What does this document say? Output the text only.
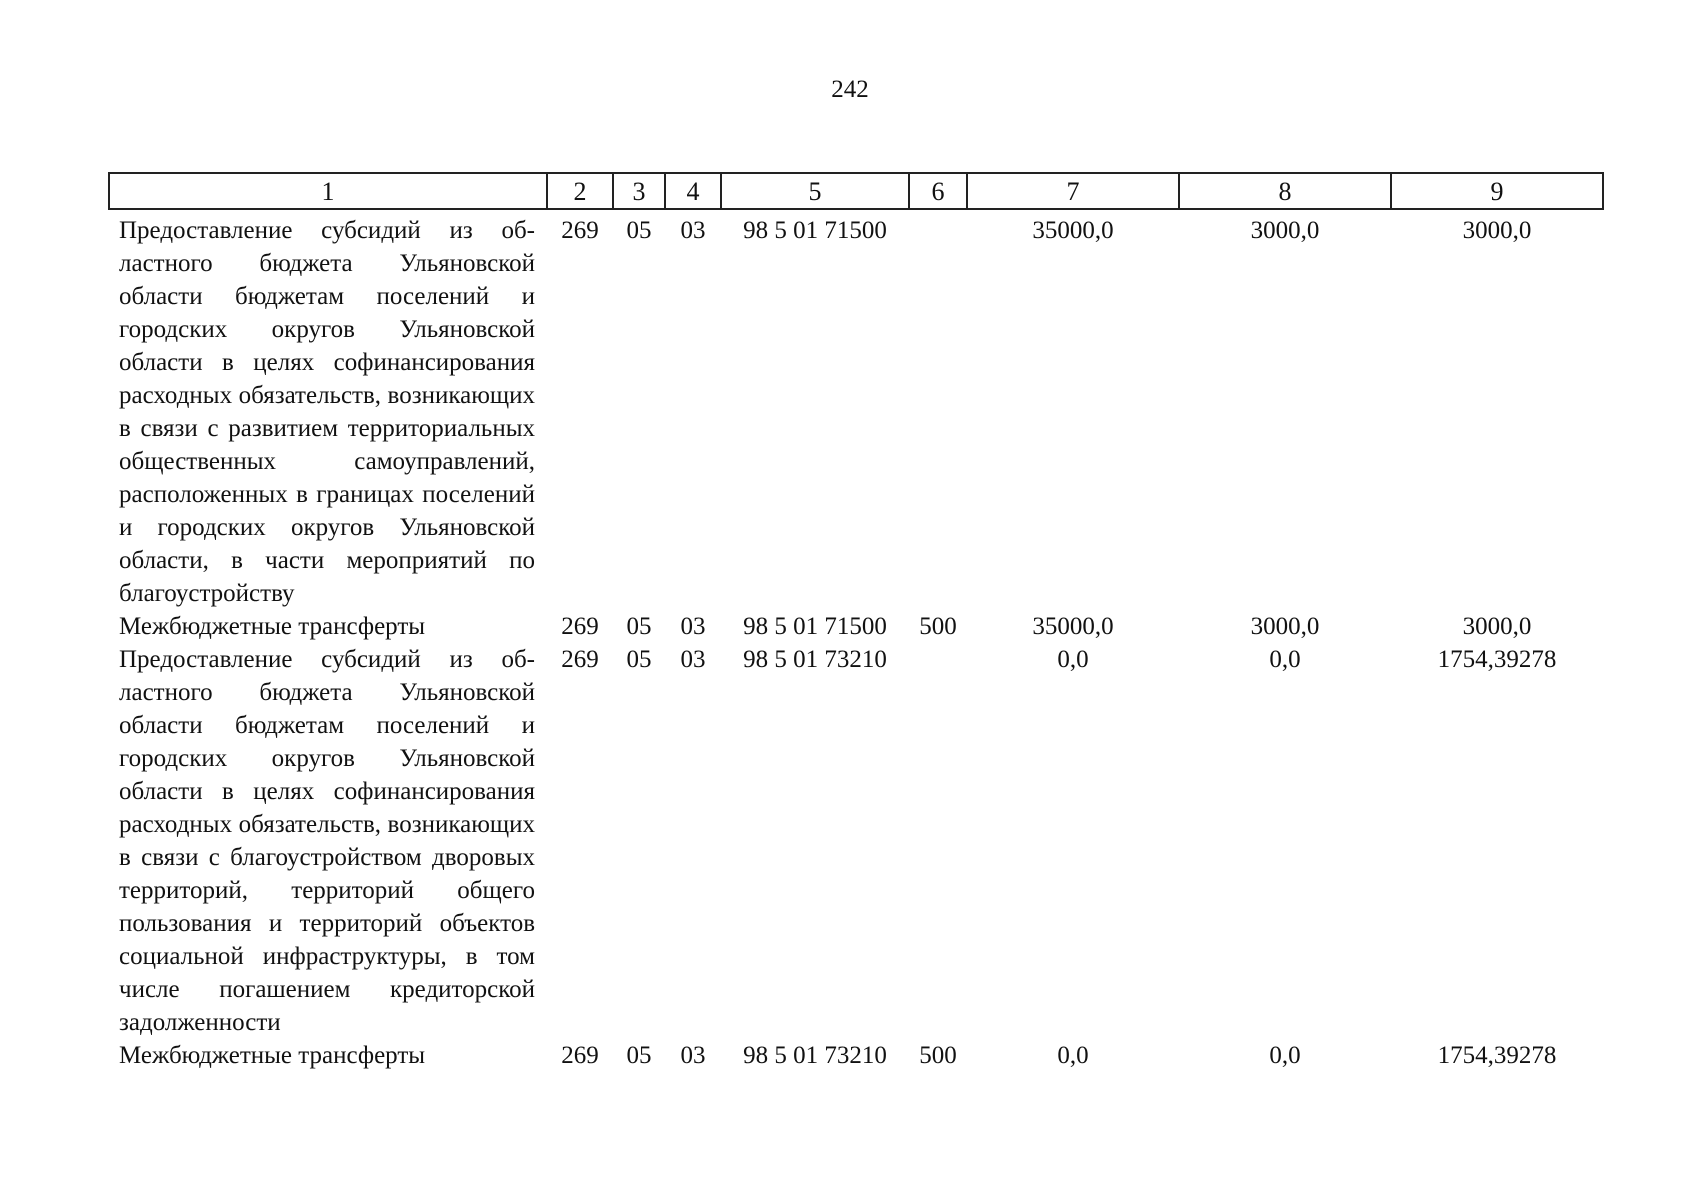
242
1	2	3	4	5	6	7	8	9
Предоставление субсидий из областного бюджета Ульяновской области бюджетам поселений и городских округов Ульяновской области в целях софинансирования расходных обязательств, возникающих в связи с развитием территориальных общественных самоуправлений, расположенных в границах поселений и городских округов Ульяновской области, в части мероприятий по благоустройству	269	05	03	98 5 01 71500		35000,0	3000,0	3000,0
Межбюджетные трансферты	269	05	03	98 5 01 71500	500	35000,0	3000,0	3000,0
Предоставление субсидий из областного бюджета Ульяновской области бюджетам поселений и городских округов Ульяновской области в целях софинансирования расходных обязательств, возникающих в связи с благоустройством дворовых территорий, территорий общего пользования и территорий объектов социальной инфраструктуры, в том числе погашением кредиторской задолженности	269	05	03	98 5 01 73210		0,0	0,0	1754,39278
Межбюджетные трансферты	269	05	03	98 5 01 73210	500	0,0	0,0	1754,39278
